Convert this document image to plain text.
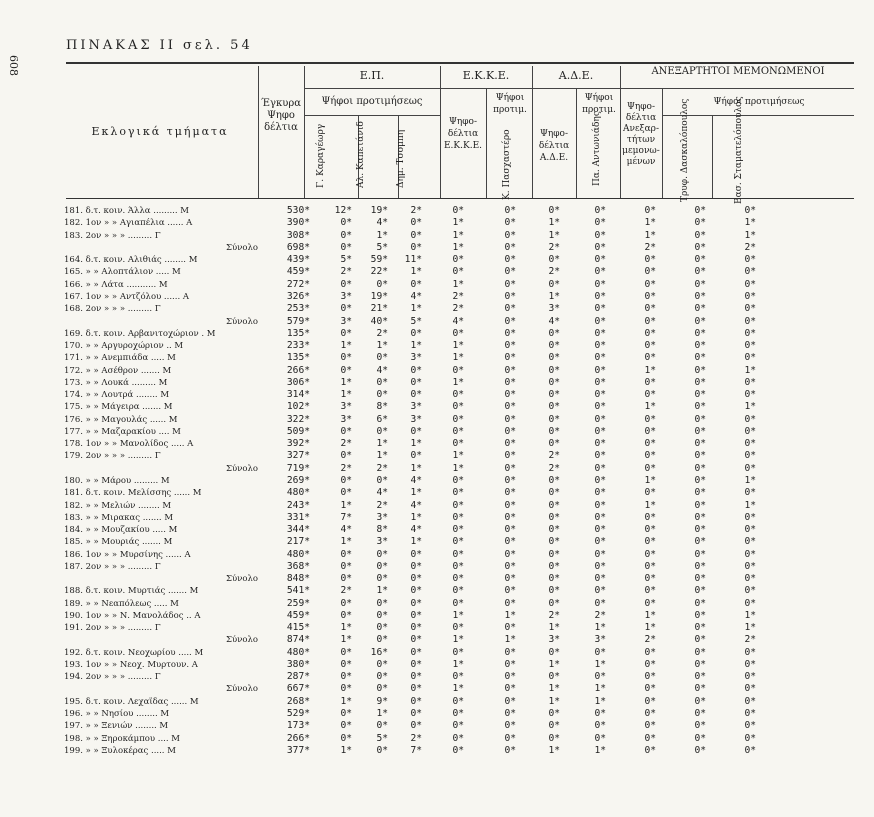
608
ΠΙΝΑΚΑΣ ΙΙ σελ. 54
Εκλογικά τμήματα
Έγκυρα Ψηφο δέλτια
Ε.Π.
Ψήφοι προτιμήσεως
Γ. Καραγέωργ	Αλ. Καπετάνιδ	Δημ. Τσομπη
Ε.Κ.Κ.Ε.
Ψηφο- δέλτια Ε.Κ.Κ.Ε.
Ψήφοι προτιμ.
Κ. Πασχαστέρο
Α.Δ.Ε.
Ψηφο- δέλτια Α.Δ.Ε.
Ψήφοι προτιμ.
Πα. Αντωνιάδης
ΑΝΕΞΑΡΤΗΤΟΙ ΜΕΜΟΝΩΜΕΝΟΙ
Ψηφο- δέλτια Ανεξαρ- τήτων μεμονω- μένων
Ψήφοι προτιμήσεως
Τρυφ. Δασκαλόπουλος	Βασ. Σταματελόπουλος
181. δ.τ. κοιν. Άλλα ......... Μ	530*	12*	19*	2*	0*	0*	0*	0*	0*	0*	0*
182. 1ον » » Αγιαπέλια ...... Α	390*	0*	4*	0*	1*	0*	1*	0*	1*	0*	1*
183. 2ον » » » ......... Γ	308*	0*	1*	0*	1*	0*	1*	0*	1*	0*	1*
Σύνολο	698*	0*	5*	0*	1*	0*	2*	0*	2*	0*	2*
164. δ.τ. κοιν. Αλιθιάς ........ Μ	439*	5*	59*	11*	0*	0*	0*	0*	0*	0*	0*
165. » » Αλοπτάλιον ..... Μ	459*	2*	22*	1*	0*	0*	2*	0*	0*	0*	0*
166. » » Λάτα ........... Μ	272*	0*	0*	0*	1*	0*	0*	0*	0*	0*	0*
167. 1ον » » Αντζόλου ...... Α	326*	3*	19*	4*	2*	0*	1*	0*	0*	0*	0*
168. 2ον » » » ......... Γ	253*	0*	21*	1*	2*	0*	3*	0*	0*	0*	0*
Σύνολο	579*	3*	40*	5*	4*	0*	4*	0*	0*	0*	0*
169. δ.τ. κοιν. Αρβανιτοχώριον . Μ	135*	0*	2*	0*	0*	0*	0*	0*	0*	0*	0*
170. » » Αργυροχώριον .. Μ	233*	1*	1*	1*	1*	0*	0*	0*	0*	0*	0*
171. » » Ανεμπιάδα ..... Μ	135*	0*	0*	3*	1*	0*	0*	0*	0*	0*	0*
172. » » Ασέθρον ....... Μ	266*	0*	4*	0*	0*	0*	0*	0*	1*	0*	1*
173. » » Λουκά ......... Μ	306*	1*	0*	0*	1*	0*	0*	0*	0*	0*	0*
174. » » Λουτρά ........ Μ	314*	1*	0*	0*	0*	0*	0*	0*	0*	0*	0*
175. » » Μάγειρα ....... Μ	102*	3*	8*	3*	0*	0*	0*	0*	1*	0*	1*
176. » » Μαγουλάς ...... Μ	322*	3*	6*	3*	0*	0*	0*	0*	0*	0*	0*
177. » » Μαζαρακίου .... Μ	509*	0*	0*	0*	0*	0*	0*	0*	0*	0*	0*
178. 1ον » » Μανολίδος ..... Α	392*	2*	1*	1*	0*	0*	0*	0*	0*	0*	0*
179. 2ον » » » ......... Γ	327*	0*	1*	0*	1*	0*	2*	0*	0*	0*	0*
Σύνολο	719*	2*	2*	1*	1*	0*	2*	0*	0*	0*	0*
180. » » Μάρου ......... Μ	269*	0*	0*	4*	0*	0*	0*	0*	1*	0*	1*
181. δ.τ. κοιν. Μελίσσης ...... Μ	480*	0*	4*	1*	0*	0*	0*	0*	0*	0*	0*
182. » » Μελιών ........ Μ	243*	1*	2*	4*	0*	0*	0*	0*	1*	0*	1*
183. » » Μιρακας ....... Μ	331*	7*	3*	1*	0*	0*	0*	0*	0*	0*	0*
184. » » Μουζακίου ..... Μ	344*	4*	8*	4*	0*	0*	0*	0*	0*	0*	0*
185. » » Μουριάς ....... Μ	217*	1*	3*	1*	0*	0*	0*	0*	0*	0*	0*
186. 1ον » » Μυρσίνης ...... Α	480*	0*	0*	0*	0*	0*	0*	0*	0*	0*	0*
187. 2ον » » » ......... Γ	368*	0*	0*	0*	0*	0*	0*	0*	0*	0*	0*
Σύνολο	848*	0*	0*	0*	0*	0*	0*	0*	0*	0*	0*
188. δ.τ. κοιν. Μυρτιάς ....... Μ	541*	2*	1*	0*	0*	0*	0*	0*	0*	0*	0*
189. » » Νεαπόλεως ..... Μ	259*	0*	0*	0*	0*	0*	0*	0*	0*	0*	0*
190. 1ον » » Ν. Μανολάδος .. Α	459*	0*	0*	0*	1*	1*	2*	2*	1*	0*	1*
191. 2ον » » » ......... Γ	415*	1*	0*	0*	0*	0*	1*	1*	1*	0*	1*
Σύνολο	874*	1*	0*	0*	1*	1*	3*	3*	2*	0*	2*
192. δ.τ. κοιν. Νεοχωρίου ..... Μ	480*	0*	16*	0*	0*	0*	0*	0*	0*	0*	0*
193. 1ον » » Νεοχ. Μυρτουν. Α	380*	0*	0*	0*	1*	0*	1*	1*	0*	0*	0*
194. 2ον » » » ......... Γ	287*	0*	0*	0*	0*	0*	0*	0*	0*	0*	0*
Σύνολο	667*	0*	0*	0*	1*	0*	1*	1*	0*	0*	0*
195. δ.τ. κοιν. Λεχαϊδας ...... Μ	268*	1*	9*	0*	0*	0*	1*	1*	0*	0*	0*
196. » » Νησίου ........ Μ	529*	0*	1*	0*	0*	0*	0*	0*	0*	0*	0*
197. » » Ξενιών ........ Μ	173*	0*	0*	0*	0*	0*	0*	0*	0*	0*	0*
198. » » Ξηροκάμπου .... Μ	266*	0*	5*	2*	0*	0*	0*	0*	0*	0*	0*
199. » » Ξυλοκέρας ..... Μ	377*	1*	0*	7*	0*	0*	1*	1*	0*	0*	0*
